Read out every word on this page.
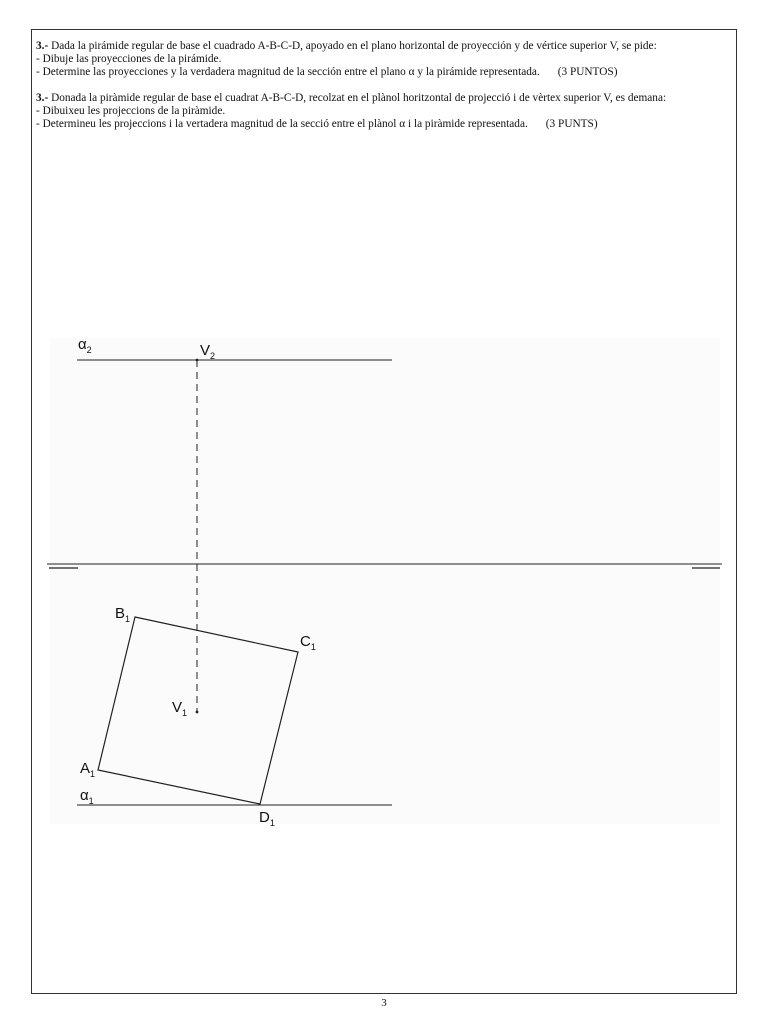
3.- Dada la pirámide regular de base el cuadrado A-B-C-D, apoyado en el plano horizontal de proyección y de vértice superior V, se pide:

- Dibuje las proyecciones de la pirámide.

- Determine las proyecciones y la verdadera magnitud de la sección entre el plano α y la pirámide representada. (3 PUNTOS)

3.- Donada la piràmide regular de base el cuadrat A-B-C-D, recolzat en el plànol horitzontal de projecció i de vèrtex superior V, es demana:

- Dibuixeu les projeccions de la piràmide.

- Determineu les projeccions i la vertadera magnitud de la secció entre el plànol α i la piràmide representada. (3 PUNTS)

$\alpha_2$	$V_2$
$B_1$
$C_1$
$V_1$
$A_1$
$\alpha_1$
$D_1$
3
